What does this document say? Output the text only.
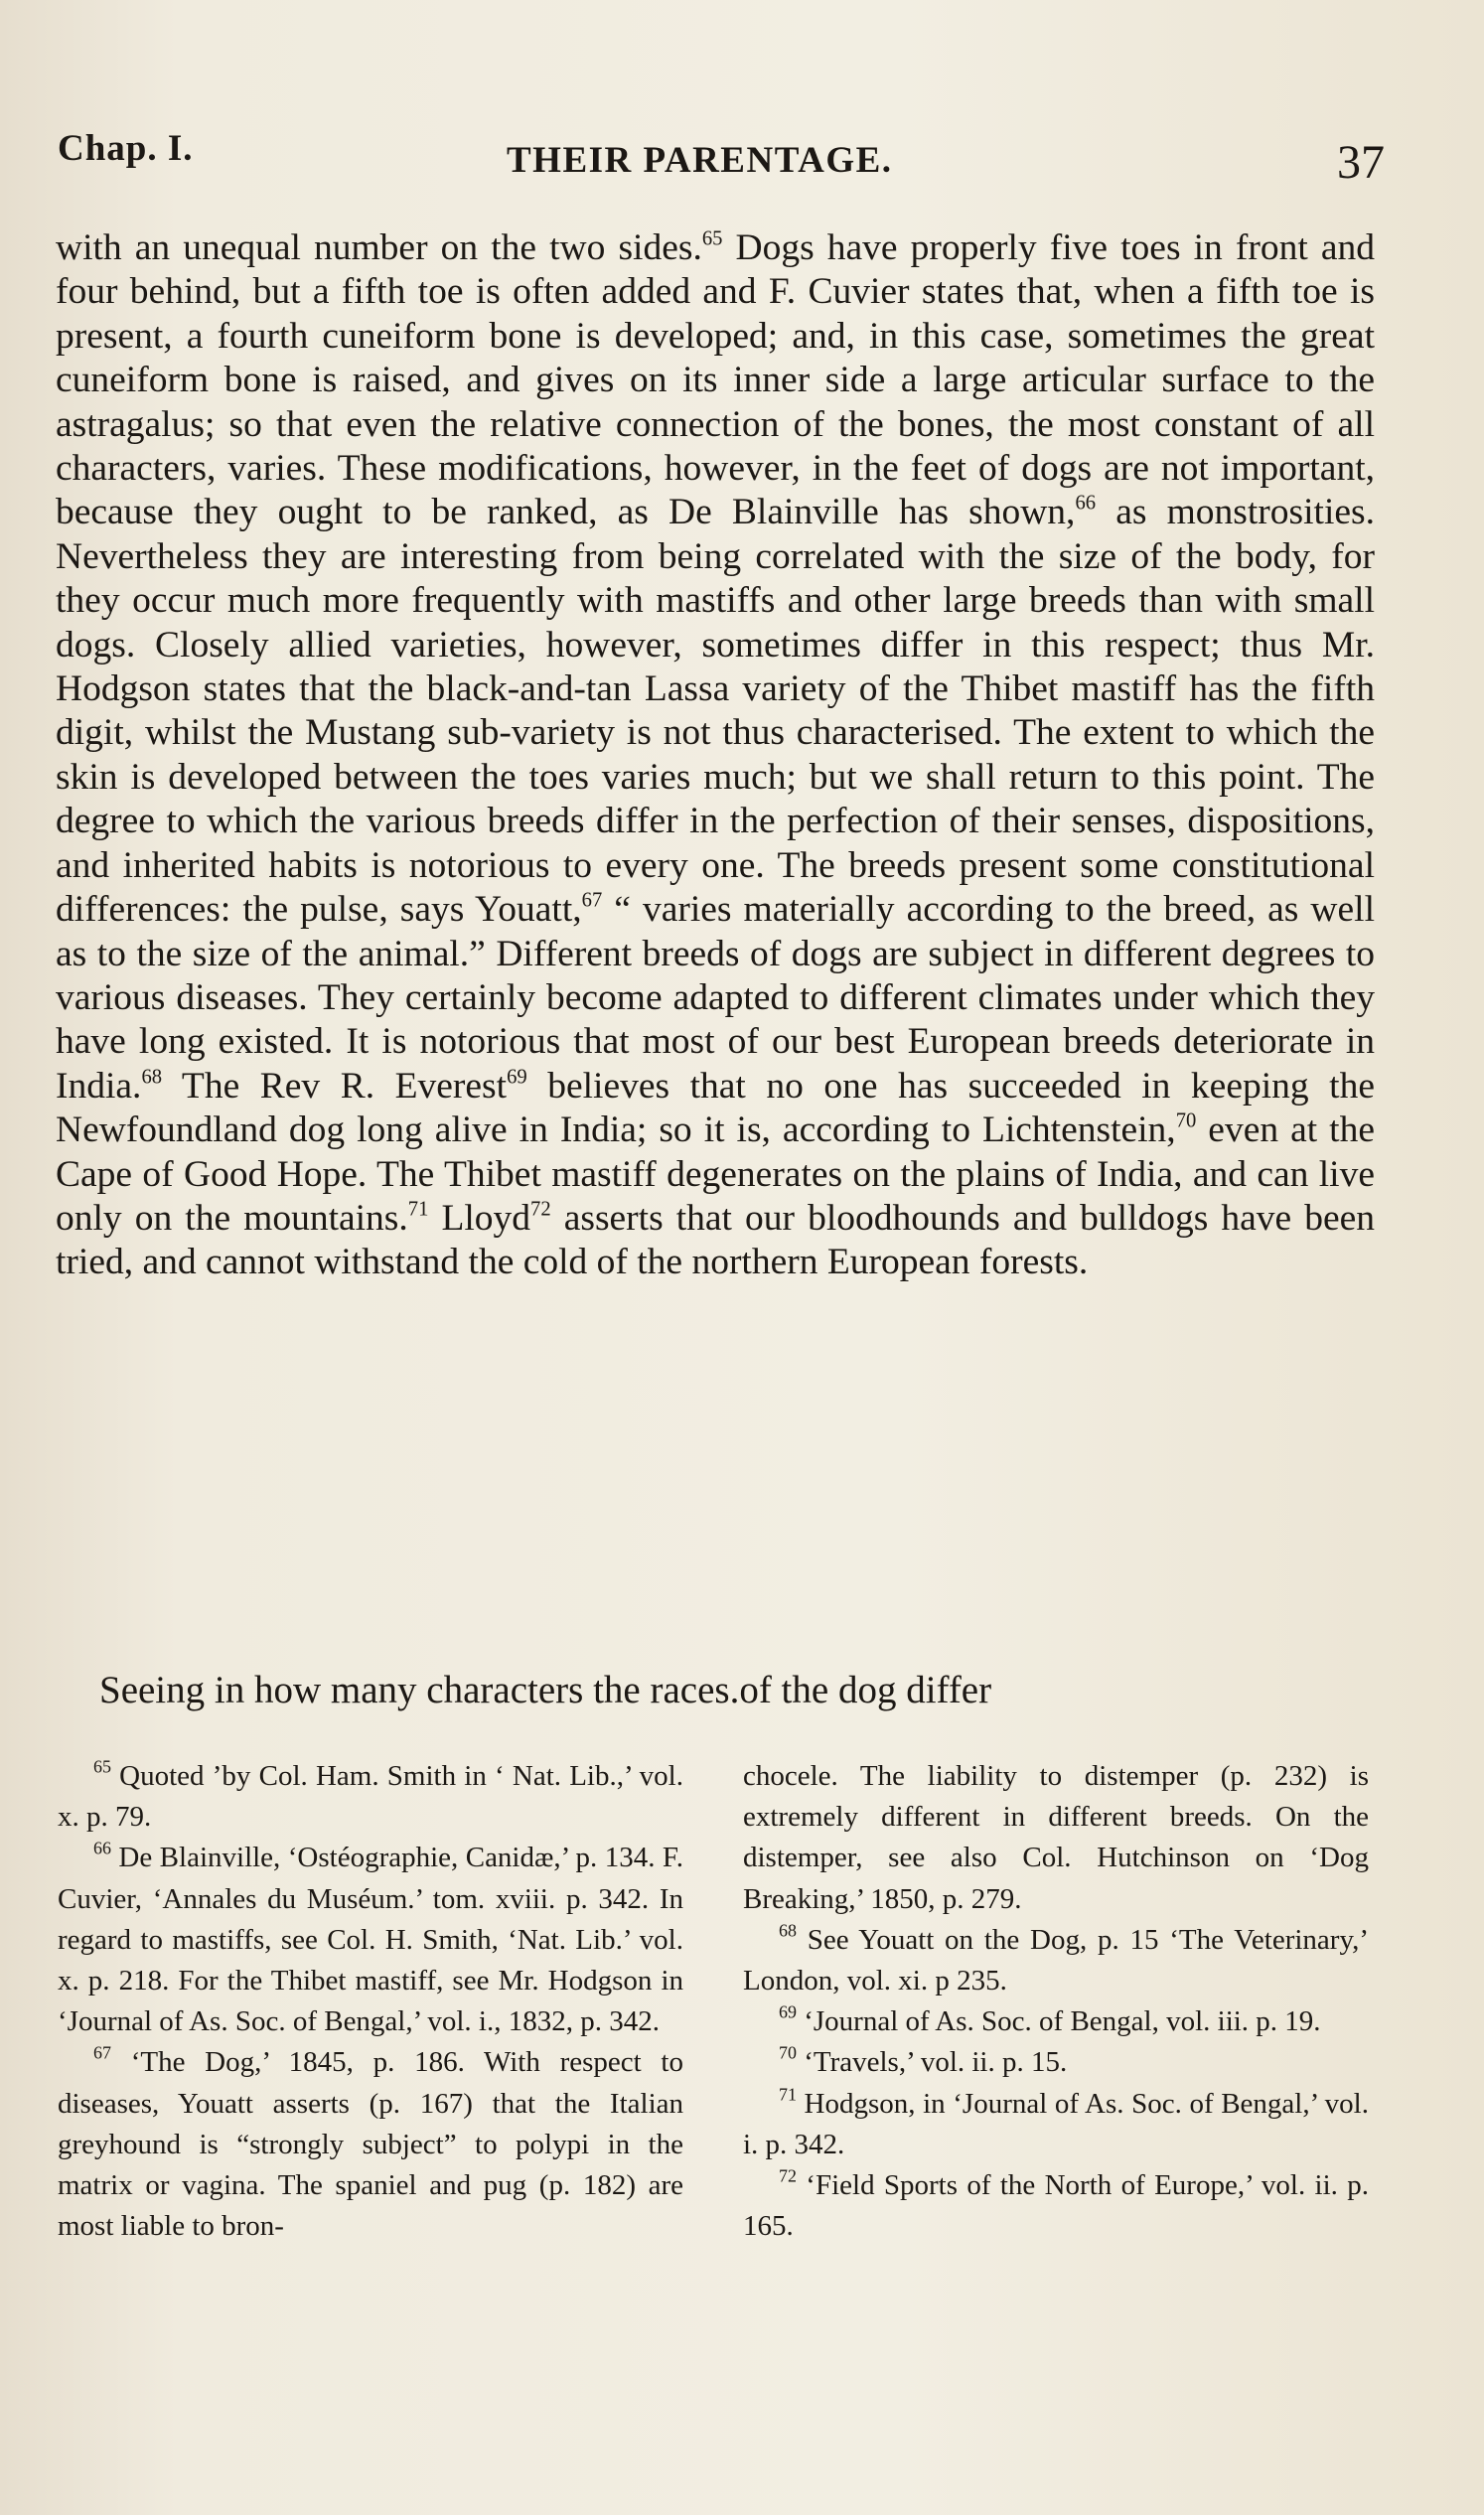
Chap. I.	THEIR PARENTAGE.	37

with an unequal number on the two sides.$^{65}$ Dogs have properly five toes in front and four behind, but a fifth toe is often added and F. Cuvier states that, when a fifth toe is present, a fourth cuneiform bone is developed; and, in this case, sometimes the great cuneiform bone is raised, and gives on its inner side a large articular surface to the astragalus; so that even the relative connection of the bones, the most constant of all characters, varies. These modifications, however, in the feet of dogs are not important, because they ought to be ranked, as De Blainville has shown,$^{66}$ as monstrosities. Nevertheless they are interesting from being correlated with the size of the body, for they occur much more frequently with mastiffs and other large breeds than with small dogs. Closely allied varieties, however, sometimes differ in this respect; thus Mr. Hodgson states that the black-and-tan Lassa variety of the Thibet mastiff has the fifth digit, whilst the Mustang sub-variety is not thus characterised. The extent to which the skin is developed between the toes varies much; but we shall return to this point. The degree to which the various breeds differ in the perfection of their senses, dispositions, and inherited habits is notorious to every one. The breeds present some constitutional differences: the pulse, says Youatt,$^{67}$ “ varies materially according to the breed, as well as to the size of the animal.” Different breeds of dogs are subject in different degrees to various diseases. They certainly become adapted to different climates under which they have long existed. It is notorious that most of our best European breeds deteriorate in India.$^{68}$ The Rev R. Everest$^{69}$ believes that no one has succeeded in keeping the Newfoundland dog long alive in India; so it is, according to Lichtenstein,$^{70}$ even at the Cape of Good Hope. The Thibet mastiff degenerates on the plains of India, and can live only on the mountains.$^{71}$ Lloyd$^{72}$ asserts that our bloodhounds and bulldogs have been tried, and cannot withstand the cold of the northern European forests.

Seeing in how many characters the races.of the dog differ

$^{65}$ Quoted ’by Col. Ham. Smith in ‘ Nat. Lib.,’ vol. x. p. 79.

$^{66}$ De Blainville, ‘Ostéographie, Canidæ,’ p. 134. F. Cuvier, ‘Annales du Muséum.’ tom. xviii. p. 342. In regard to mastiffs, see Col. H. Smith, ‘Nat. Lib.’ vol. x. p. 218. For the Thibet mastiff, see Mr. Hodgson in ‘Journal of As. Soc. of Bengal,’ vol. i., 1832, p. 342.

$^{67}$ ‘The Dog,’ 1845, p. 186. With respect to diseases, Youatt asserts (p. 167) that the Italian greyhound is “strongly subject” to polypi in the matrix or vagina. The spaniel and pug (p. 182) are most liable to bron-

chocele. The liability to distemper (p. 232) is extremely different in different breeds. On the distemper, see also Col. Hutchinson on ‘Dog Breaking,’ 1850, p. 279.

$^{68}$ See Youatt on the Dog, p. 15 ‘The Veterinary,’ London, vol. xi. p 235.

$^{69}$ ‘Journal of As. Soc. of Bengal, vol. iii. p. 19.

$^{70}$ ‘Travels,’ vol. ii. p. 15.

$^{71}$ Hodgson, in ‘Journal of As. Soc. of Bengal,’ vol. i. p. 342.

$^{72}$ ‘Field Sports of the North of Europe,’ vol. ii. p. 165.
